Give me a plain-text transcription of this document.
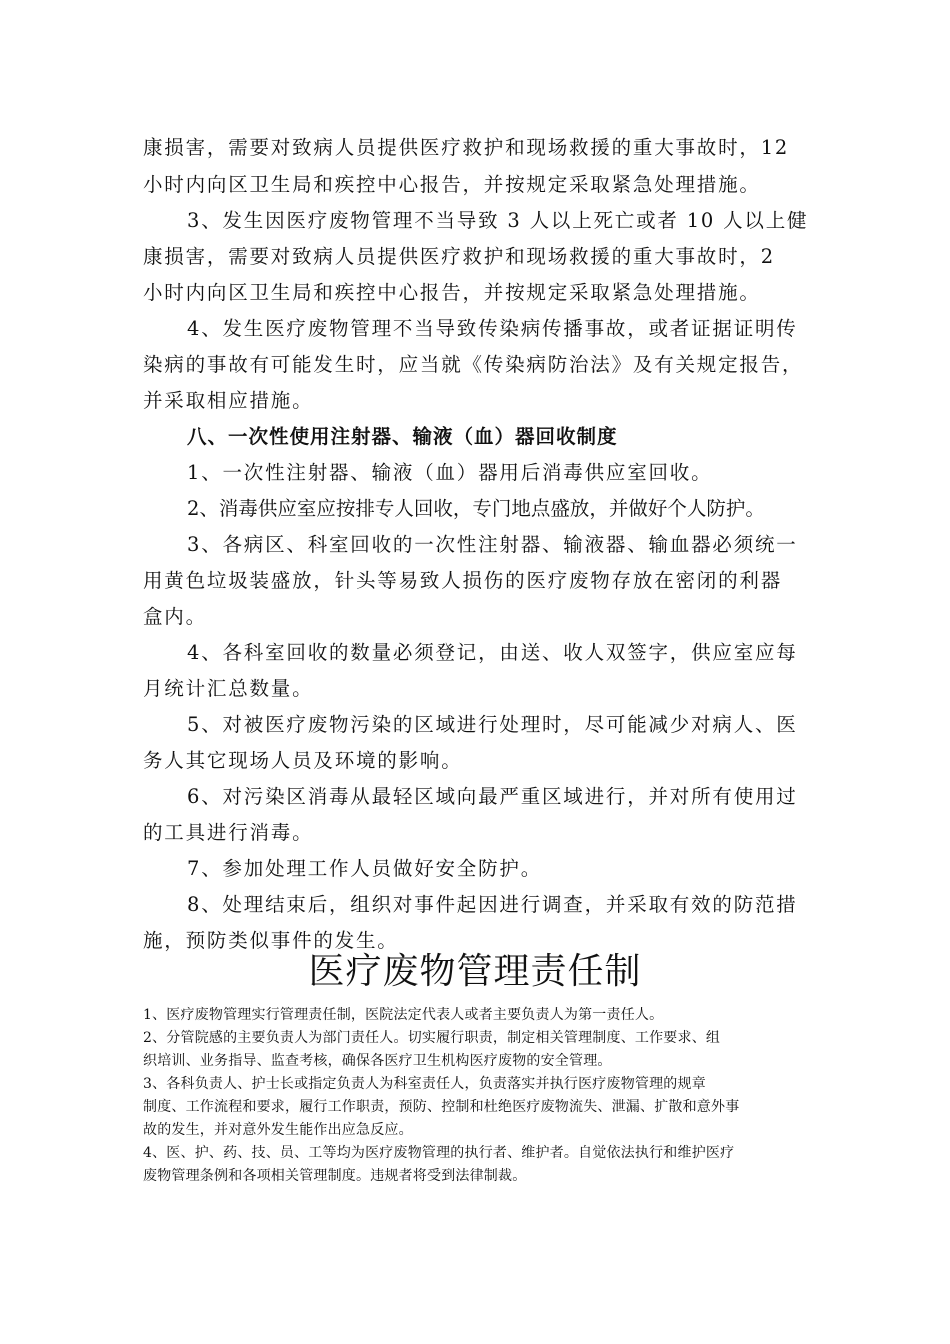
康损害，需要对致病人员提供医疗救护和现场救援的重大事故时，12
小时内向区卫生局和疾控中心报告，并按规定采取紧急处理措施。
3、发生因医疗废物管理不当导致 3 人以上死亡或者 10 人以上健
康损害，需要对致病人员提供医疗救护和现场救援的重大事故时，2
小时内向区卫生局和疾控中心报告，并按规定采取紧急处理措施。
4、发生医疗废物管理不当导致传染病传播事故，或者证据证明传
染病的事故有可能发生时，应当就《传染病防治法》及有关规定报告，
并采取相应措施。
八、一次性使用注射器、输液（血）器回收制度
1、一次性注射器、输液（血）器用后消毒供应室回收。
2、消毒供应室应按排专人回收，专门地点盛放，并做好个人防护。
3、各病区、科室回收的一次性注射器、输液器、输血器必须统一
用黄色垃圾装盛放，针头等易致人损伤的医疗废物存放在密闭的利器
盒内。
4、各科室回收的数量必须登记，由送、收人双签字，供应室应每
月统计汇总数量。
5、对被医疗废物污染的区域进行处理时，尽可能减少对病人、医
务人其它现场人员及环境的影响。
6、对污染区消毒从最轻区域向最严重区域进行，并对所有使用过
的工具进行消毒。
7、参加处理工作人员做好安全防护。
8、处理结束后，组织对事件起因进行调查，并采取有效的防范措
施，预防类似事件的发生。
医疗废物管理责任制
1、医疗废物管理实行管理责任制，医院法定代表人或者主要负责人为第一责任人。
2、分管院感的主要负责人为部门责任人。切实履行职责，制定相关管理制度、工作要求、组
织培训、业务指导、监查考核，确保各医疗卫生机构医疗废物的安全管理。
3、各科负责人、护士长或指定负责人为科室责任人，负责落实并执行医疗废物管理的规章
制度、工作流程和要求，履行工作职责，预防、控制和杜绝医疗废物流失、泄漏、扩散和意外事
故的发生，并对意外发生能作出应急反应。
4、医、护、药、技、员、工等均为医疗废物管理的执行者、维护者。自觉依法执行和维护医疗
废物管理条例和各项相关管理制度。违规者将受到法律制裁。
